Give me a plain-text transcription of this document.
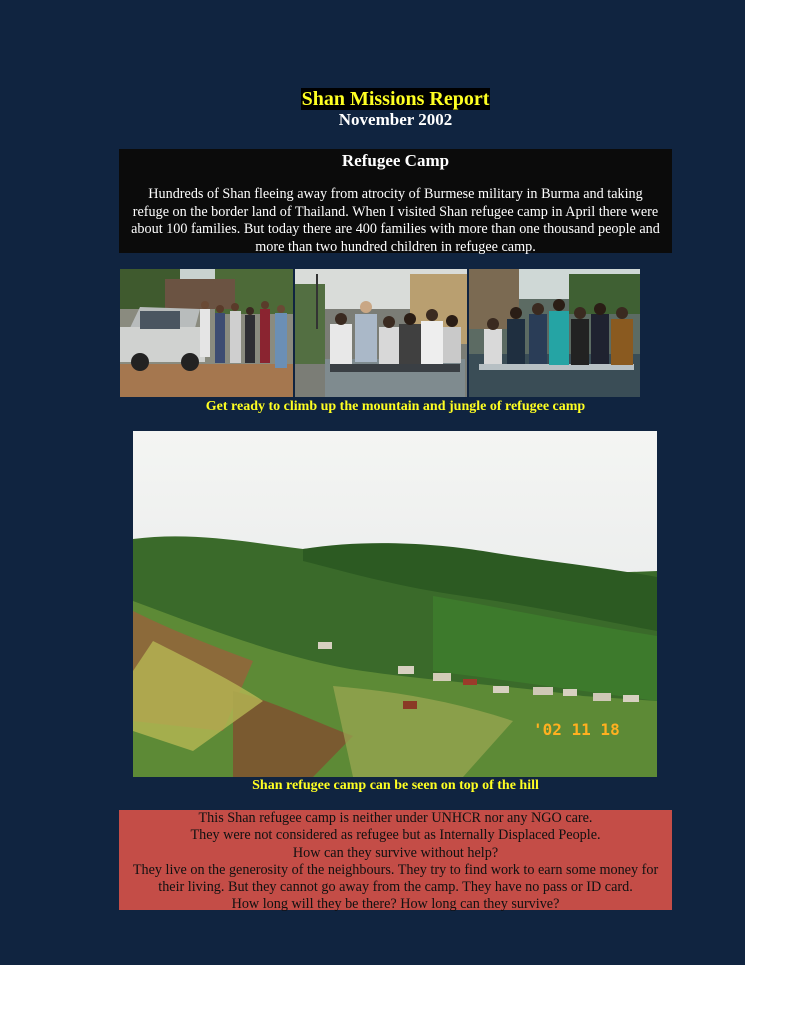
Shan Missions Report
November 2002
Refugee Camp
Hundreds of Shan fleeing away from atrocity of Burmese military in Burma and taking
refuge on the border land of Thailand. When I visited Shan refugee camp in April there were
about 100 families. But today there are 400 families with more than one thousand people and
more than two hundred children in refugee camp.
Get ready to climb up the mountain and jungle of refugee camp
'02 11 18
Shan refugee camp can be seen on top of the hill
This Shan refugee camp is neither under UNHCR nor any NGO care.
They were not considered as refugee but as Internally Displaced People.
How can they survive without help?
They live on the generosity of the neighbours. They try to find work to earn some money for
their living. But they cannot go away from the camp. They have no pass or ID card.
How long will they be there? How long can they survive?
